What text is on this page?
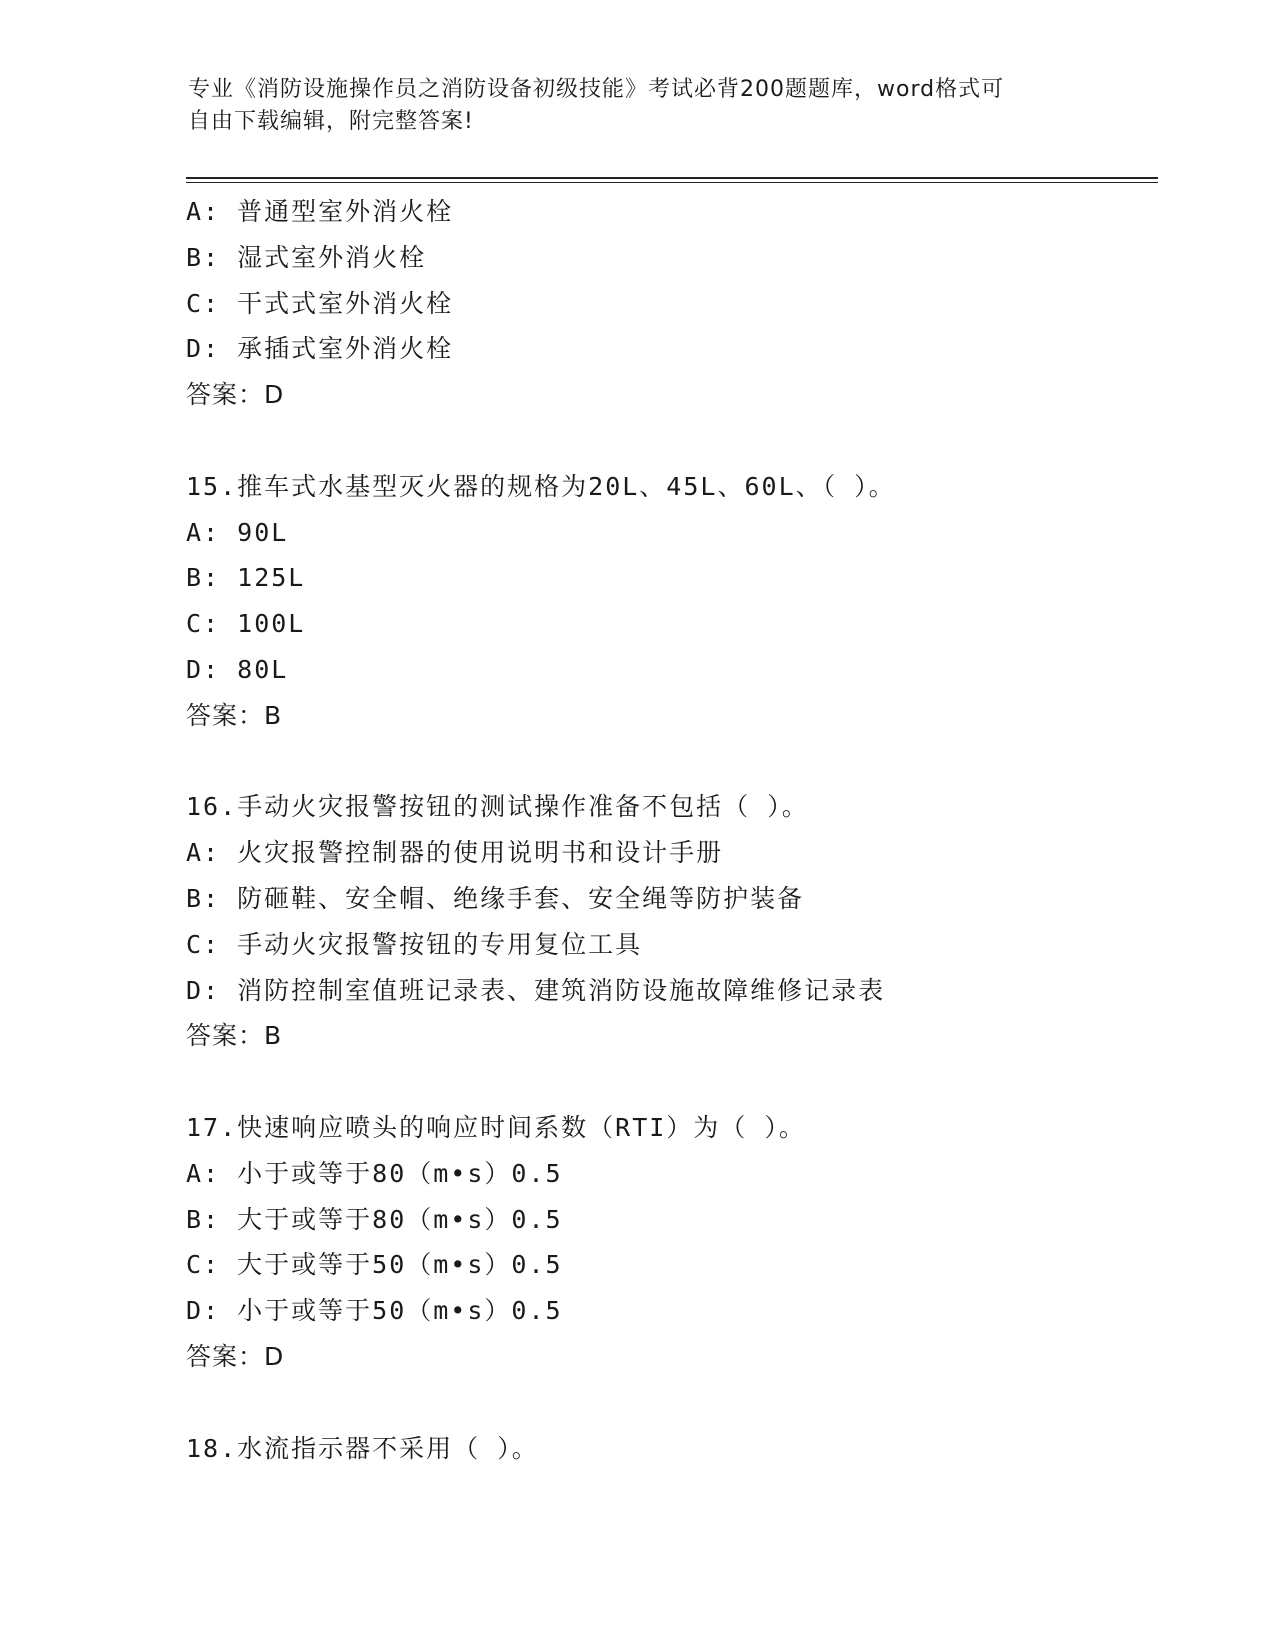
专业《消防设施操作员之消防设备初级技能》考试必背200题题库，word格式可
自由下载编辑，附完整答案!
A: 普通型室外消火栓
B: 湿式室外消火栓
C: 干式式室外消火栓
D: 承插式室外消火栓
答案：D
15.推车式水基型灭火器的规格为20L、45L、60L、（ ）。
A: 90L
B: 125L
C: 100L
D: 80L
答案：B
16.手动火灾报警按钮的测试操作准备不包括（ ）。
A: 火灾报警控制器的使用说明书和设计手册
B: 防砸鞋、安全帽、绝缘手套、安全绳等防护装备
C: 手动火灾报警按钮的专用复位工具
D: 消防控制室值班记录表、建筑消防设施故障维修记录表
答案：B
17.快速响应喷头的响应时间系数（RTI）为（ ）。
A: 小于或等于80（m•s）0.5
B: 大于或等于80（m•s）0.5
C: 大于或等于50（m•s）0.5
D: 小于或等于50（m•s）0.5
答案：D
18.水流指示器不采用（ ）。
